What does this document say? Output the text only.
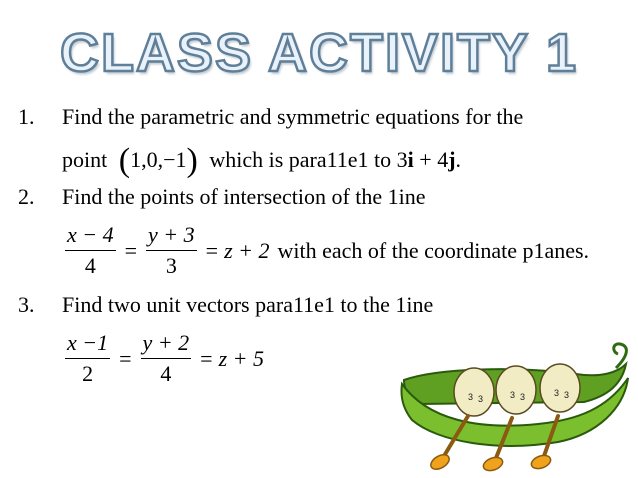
CLASS ACTIVITY 1
1. Find the parametric and symmetric equations for the
point (1,0,−1) which is para11e1 to 3i + 4j.
2. Find the points of intersection of the 1ine
$\frac{x - 4}{4} = \frac{y + 3}{3} = z + 2$ with each of the coordinate p1anes.
3. Find two unit vectors para11e1 to the 1ine
$\frac{x -1}{2} = \frac{y + 2}{4} = z + 5$
3 3	3 3	3 3
